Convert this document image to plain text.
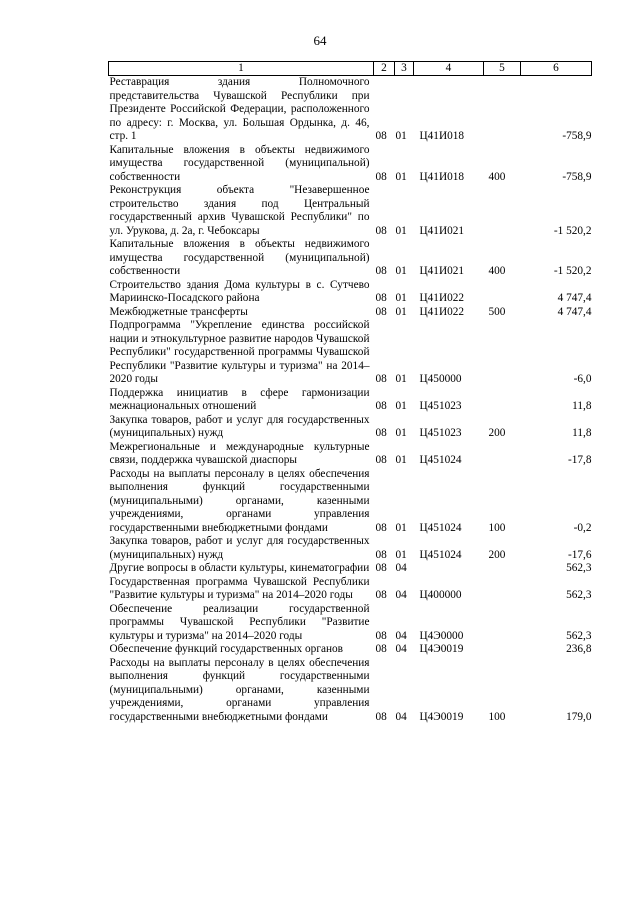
64
1	2	3	4	5	6
Реставрация здания Полномочного представительства Чувашской Республики при Президенте Российской Федерации, расположенного по адресу: г. Москва, ул. Большая Ордынка, д. 46, стр. 1	08	01	Ц41И018		-758,9
Капитальные вложения в объекты недвижимого имущества государственной (муниципальной) собственности	08	01	Ц41И018	400	-758,9
Реконструкция объекта "Незавершенное строительство здания под Центральный государственный архив Чувашской Республики" по ул. Урукова, д. 2а, г. Чебоксары	08	01	Ц41И021		-1 520,2
Капитальные вложения в объекты недвижимого имущества государственной (муниципальной) собственности	08	01	Ц41И021	400	-1 520,2
Строительство здания Дома культуры в с. Сутчево Мариинско-Посадского района	08	01	Ц41И022		4 747,4
Межбюджетные трансферты	08	01	Ц41И022	500	4 747,4
Подпрограмма "Укрепление единства российской нации и этнокультурное развитие народов Чувашской Республики" государственной программы Чувашской Республики "Развитие культуры и туризма" на 2014–2020 годы	08	01	Ц450000		-6,0
Поддержка инициатив в сфере гармонизации межнациональных отношений	08	01	Ц451023		11,8
Закупка товаров, работ и услуг для государственных (муниципальных) нужд	08	01	Ц451023	200	11,8
Межрегиональные и международные культурные связи, поддержка чувашской диаспоры	08	01	Ц451024		-17,8
Расходы на выплаты персоналу в целях обеспечения выполнения функций государственными (муниципальными) органами, казенными учреждениями, органами управления государственными внебюджетными фондами	08	01	Ц451024	100	-0,2
Закупка товаров, работ и услуг для государственных (муниципальных) нужд	08	01	Ц451024	200	-17,6
Другие вопросы в области культуры, кинематографии	08	04			562,3
Государственная программа Чувашской Республики "Развитие культуры и туризма" на 2014–2020 годы	08	04	Ц400000		562,3
Обеспечение реализации государственной программы Чувашской Республики "Развитие культуры и туризма" на 2014–2020 годы	08	04	Ц4Э0000		562,3
Обеспечение функций государственных органов	08	04	Ц4Э0019		236,8
Расходы на выплаты персоналу в целях обеспечения выполнения функций государственными (муниципальными) органами, казенными учреждениями, органами управления государственными внебюджетными фондами	08	04	Ц4Э0019	100	179,0
